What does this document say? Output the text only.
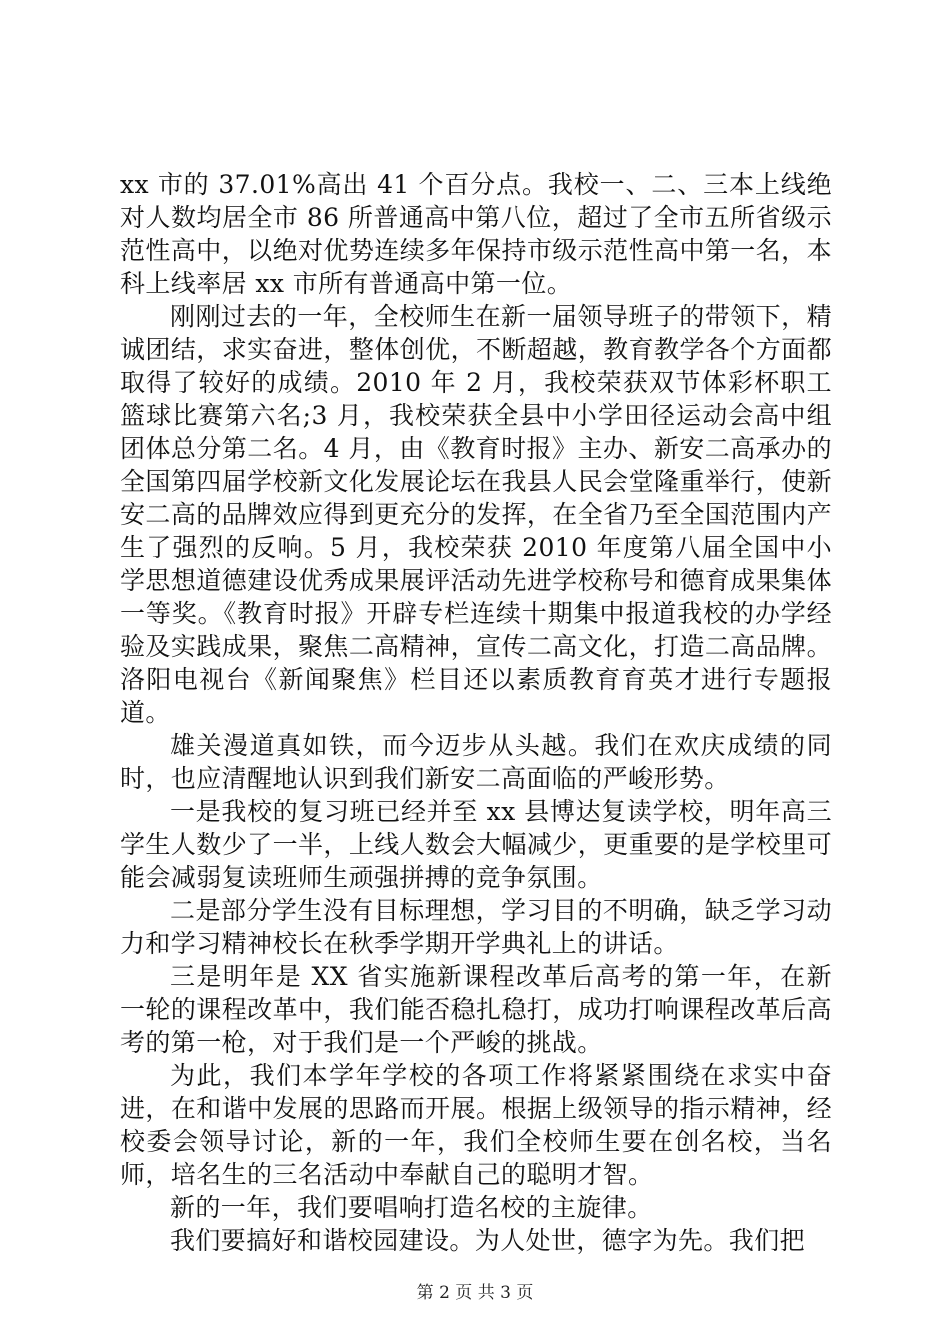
xx 市的 37.01%高出 41 个百分点。我校一、二、三本上线绝对人数均居全市 86 所普通高中第八位，超过了全市五所省级示范性高中，以绝对优势连续多年保持市级示范性高中第一名，本科上线率居 xx 市所有普通高中第一位。

刚刚过去的一年，全校师生在新一届领导班子的带领下，精诚团结，求实奋进，整体创优，不断超越，教育教学各个方面都取得了较好的成绩。2010 年 2 月，我校荣获双节体彩杯职工篮球比赛第六名;3 月，我校荣获全县中小学田径运动会高中组团体总分第二名。4 月，由《教育时报》主办、新安二高承办的全国第四届学校新文化发展论坛在我县人民会堂隆重举行，使新安二高的品牌效应得到更充分的发挥，在全省乃至全国范围内产生了强烈的反响。5 月，我校荣获 2010 年度第八届全国中小学思想道德建设优秀成果展评活动先进学校称号和德育成果集体一等奖。《教育时报》开辟专栏连续十期集中报道我校的办学经验及实践成果，聚焦二高精神，宣传二高文化，打造二高品牌。洛阳电视台《新闻聚焦》栏目还以素质教育育英才进行专题报道。

雄关漫道真如铁，而今迈步从头越。我们在欢庆成绩的同时，也应清醒地认识到我们新安二高面临的严峻形势。

一是我校的复习班已经并至 xx 县博达复读学校，明年高三学生人数少了一半，上线人数会大幅减少，更重要的是学校里可能会减弱复读班师生顽强拼搏的竞争氛围。

二是部分学生没有目标理想，学习目的不明确，缺乏学习动力和学习精神校长在秋季学期开学典礼上的讲话。

三是明年是 XX 省实施新课程改革后高考的第一年，在新一轮的课程改革中，我们能否稳扎稳打，成功打响课程改革后高考的第一枪，对于我们是一个严峻的挑战。

为此，我们本学年学校的各项工作将紧紧围绕在求实中奋进，在和谐中发展的思路而开展。根据上级领导的指示精神，经校委会领导讨论，新的一年，我们全校师生要在创名校，当名师，培名生的三名活动中奉献自己的聪明才智。

新的一年，我们要唱响打造名校的主旋律。

我们要搞好和谐校园建设。为人处世，德字为先。我们把

第 2 页 共 3 页
